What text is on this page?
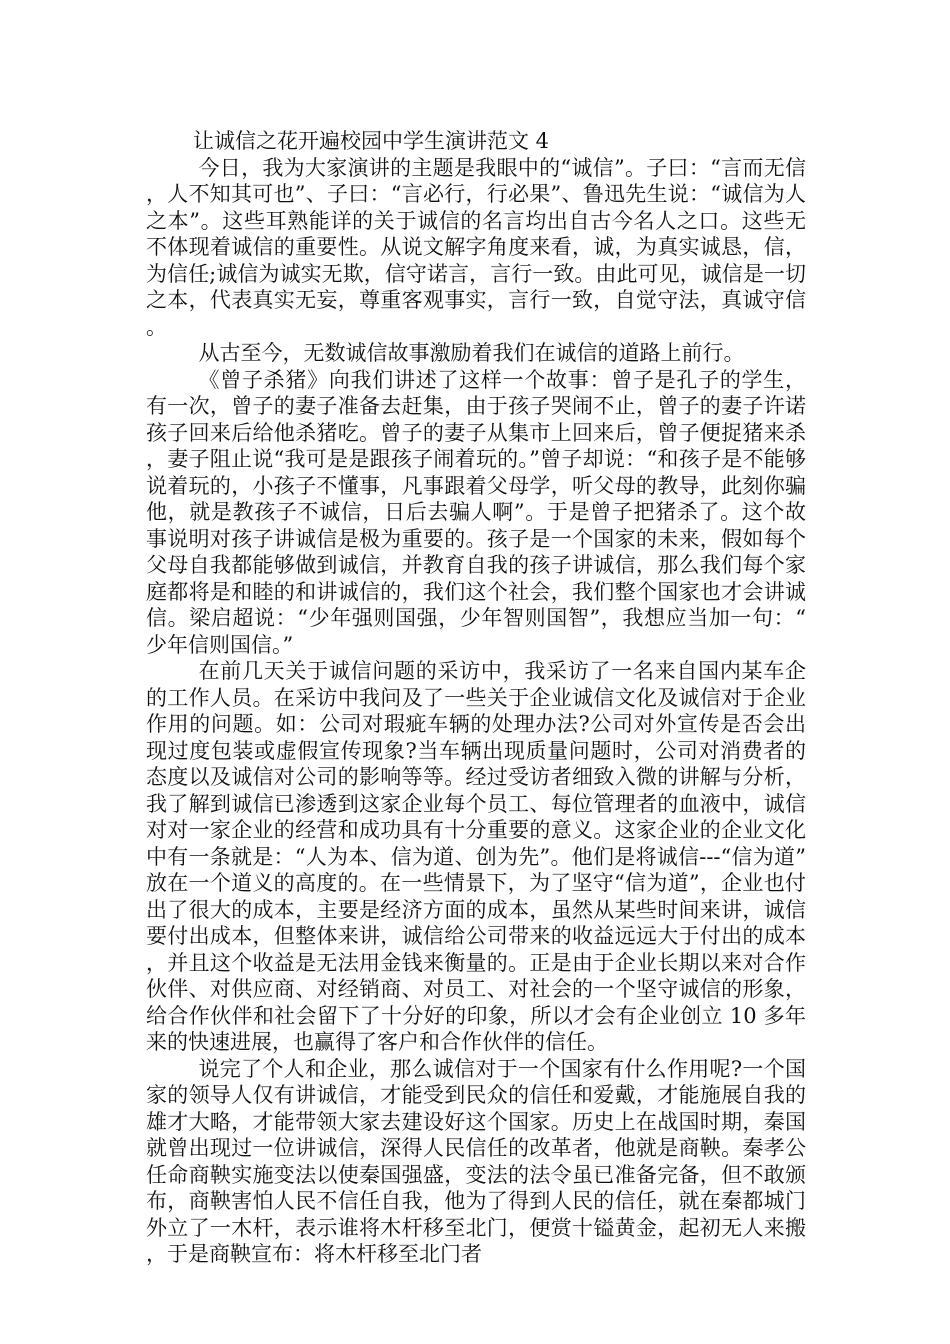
让诚信之花开遍校园中学生演讲范文 4

今日，我为大家演讲的主题是我眼中的“诚信”。子曰：“言而无信，人不知其可也”、子曰：“言必行，行必果”、鲁迅先生说：“诚信为人之本”。这些耳熟能详的关于诚信的名言均出自古今名人之口。这些无不体现着诚信的重要性。从说文解字角度来看，诚，为真实诚恳，信，为信任;诚信为诚实无欺，信守诺言，言行一致。由此可见，诚信是一切之本，代表真实无妄，尊重客观事实，言行一致，自觉守法，真诚守信。

从古至今，无数诚信故事激励着我们在诚信的道路上前行。

《曾子杀猪》向我们讲述了这样一个故事：曾子是孔子的学生，有一次，曾子的妻子准备去赶集，由于孩子哭闹不止，曾子的妻子许诺孩子回来后给他杀猪吃。曾子的妻子从集市上回来后，曾子便捉猪来杀，妻子阻止说“我可是是跟孩子闹着玩的。”曾子却说：“和孩子是不能够说着玩的，小孩子不懂事，凡事跟着父母学，听父母的教导，此刻你骗他，就是教孩子不诚信，日后去骗人啊”。于是曾子把猪杀了。这个故事说明对孩子讲诚信是极为重要的。孩子是一个国家的未来，假如每个父母自我都能够做到诚信，并教育自我的孩子讲诚信，那么我们每个家庭都将是和睦的和讲诚信的，我们这个社会，我们整个国家也才会讲诚信。梁启超说：“少年强则国强，少年智则国智”，我想应当加一句：“少年信则国信。”

在前几天关于诚信问题的采访中，我采访了一名来自国内某车企的工作人员。在采访中我问及了一些关于企业诚信文化及诚信对于企业作用的问题。如：公司对瑕疵车辆的处理办法?公司对外宣传是否会出现过度包装或虚假宣传现象?当车辆出现质量问题时，公司对消费者的态度以及诚信对公司的影响等等。经过受访者细致入微的讲解与分析，我了解到诚信已渗透到这家企业每个员工、每位管理者的血液中，诚信对对一家企业的经营和成功具有十分重要的意义。这家企业的企业文化中有一条就是：“人为本、信为道、创为先”。他们是将诚信---“信为道”放在一个道义的高度的。在一些情景下，为了坚守“信为道”，企业也付出了很大的成本，主要是经济方面的成本，虽然从某些时间来讲，诚信要付出成本，但整体来讲，诚信给公司带来的收益远远大于付出的成本，并且这个收益是无法用金钱来衡量的。正是由于企业长期以来对合作伙伴、对供应商、对经销商、对员工、对社会的一个坚守诚信的形象，给合作伙伴和社会留下了十分好的印象，所以才会有企业创立 10 多年来的快速进展，也赢得了客户和合作伙伴的信任。

说完了个人和企业，那么诚信对于一个国家有什么作用呢?一个国家的领导人仅有讲诚信，才能受到民众的信任和爱戴，才能施展自我的雄才大略，才能带领大家去建设好这个国家。历史上在战国时期，秦国就曾出现过一位讲诚信，深得人民信任的改革者，他就是商鞅。秦孝公任命商鞅实施变法以使秦国强盛，变法的法令虽已准备完备，但不敢颁布，商鞅害怕人民不信任自我，他为了得到人民的信任，就在秦都城门外立了一木杆，表示谁将木杆移至北门，便赏十镒黄金，起初无人来搬，于是商鞅宣布：将木杆移至北门者
